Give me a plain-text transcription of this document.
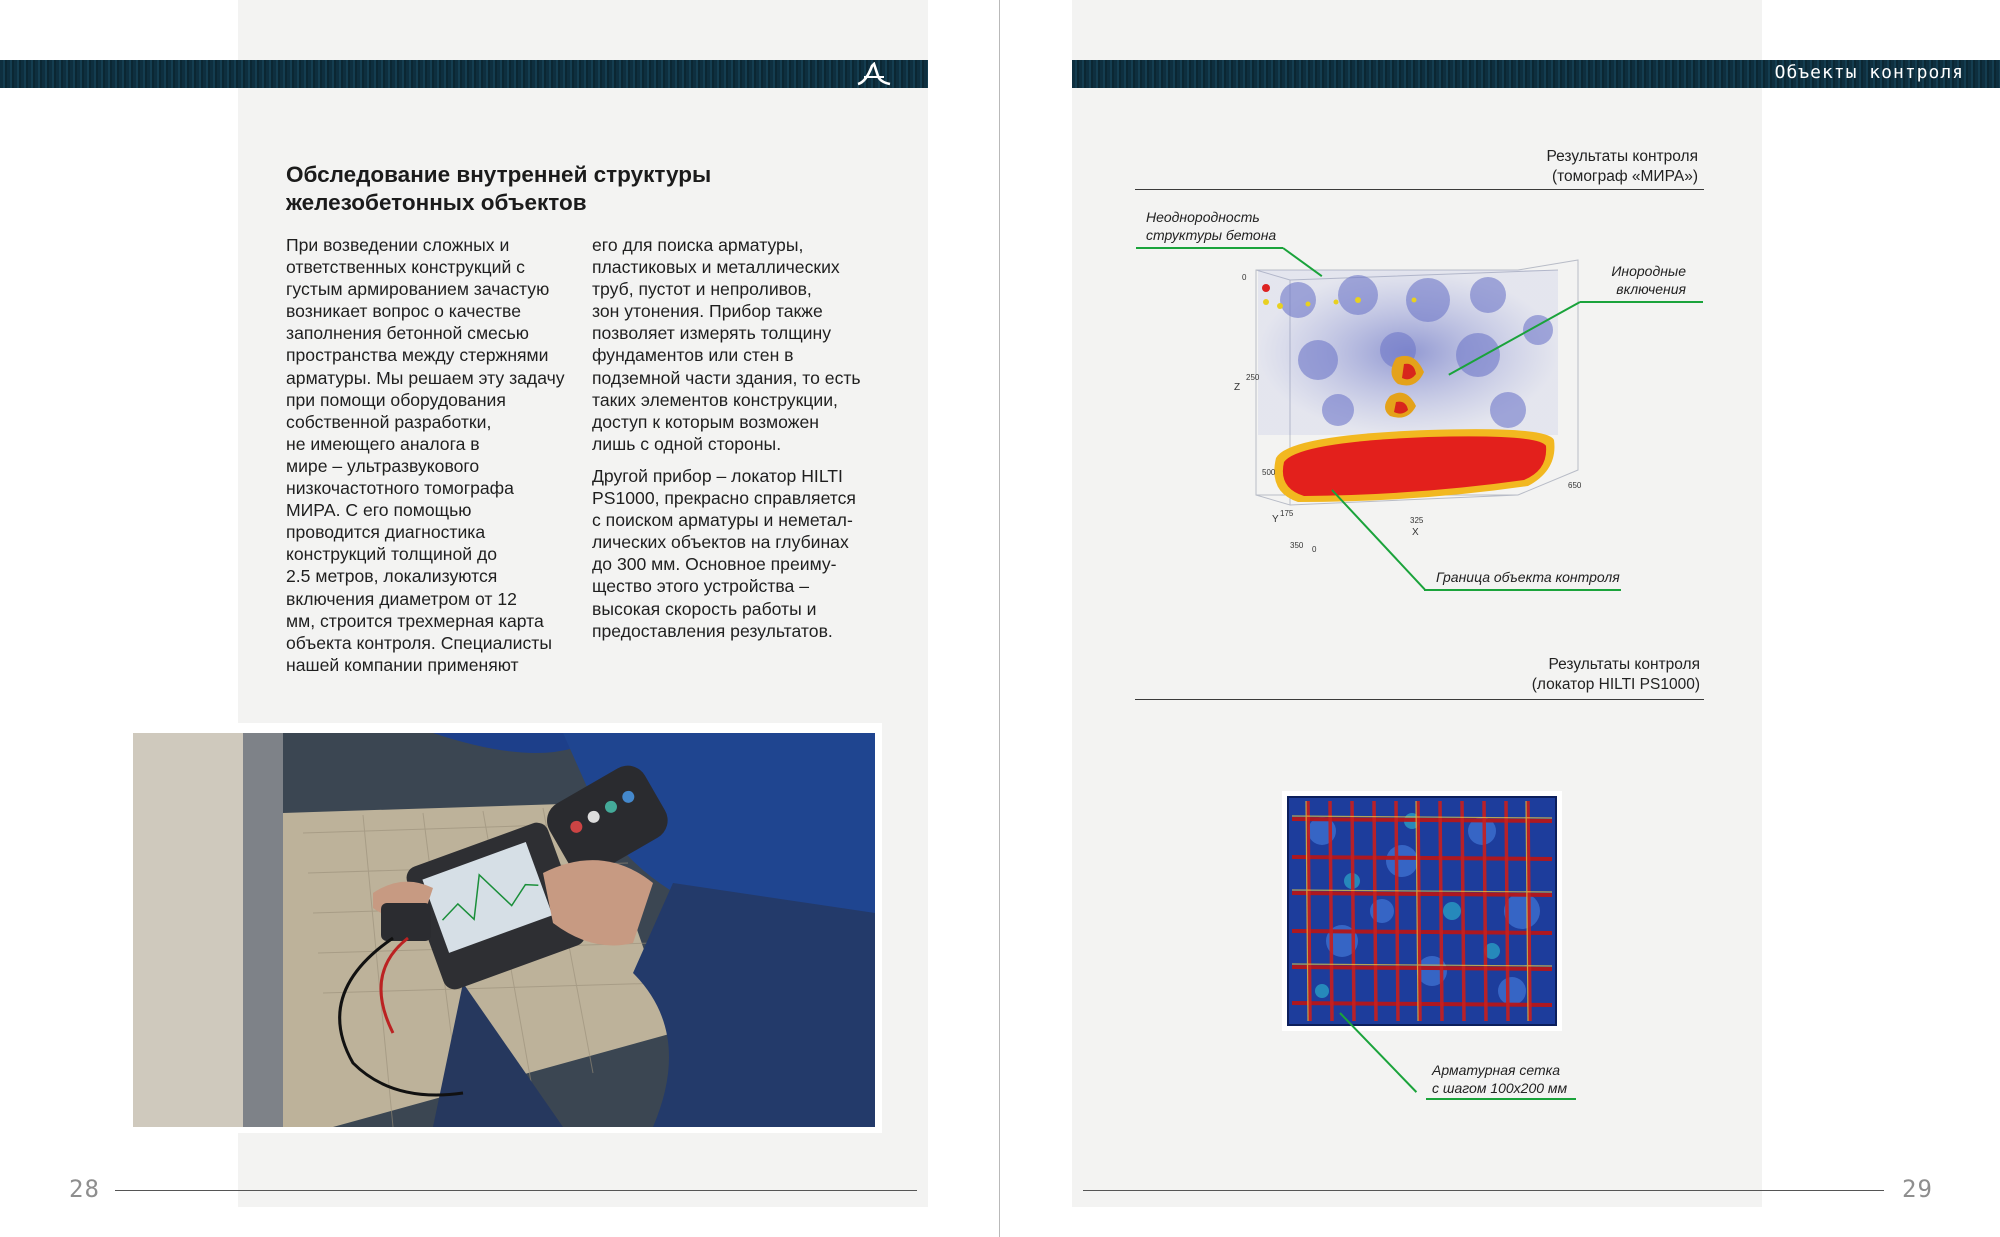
Объекты контроля
Обследование внутренней структуры
железобетонных объектов

При возведении сложных и
ответственных конструкций с
густым армированием зачастую
возникает вопрос о качестве
заполнения бетонной смесью
пространства между стержнями
арматуры. Мы решаем эту задачу
при помощи оборудования
собственной разработки,
не имеющего аналога в
мире – ультразвукового
низкочастотного томографа
МИРА. С его помощью
проводится диагностика
конструкций толщиной до
2.5 метров, локализуются
включения диаметром от 12
мм, строится трехмерная карта
объекта контроля. Специалисты
нашей компании применяют

его для поиска арматуры,
пластиковых и металлических
труб, пустот и непроливов,
зон утонения. Прибор также
позволяет измерять толщину
фундаментов или стен в
подземной части здания, то есть
таких элементов конструкции,
доступ к которым возможен
лишь с одной стороны.

Другой прибор – локатор HILTI
PS1000, прекрасно справляется
с поиском арматуры и неметал-
лических объектов на глубинах
до 300 мм. Основное преиму-
щество этого устройства –
высокая скорость работы и
предоставления результатов.

28
Результаты контроля
(томограф «МИРА»)
0
Z
250
500
Y
175
350 0
325
X
650
Неоднородность
структуры бетона
Инородные
включения
Граница объекта контроля
Результаты контроля
(локатор HILTI PS1000)
Арматурная сетка
с шагом 100х200 мм
29
